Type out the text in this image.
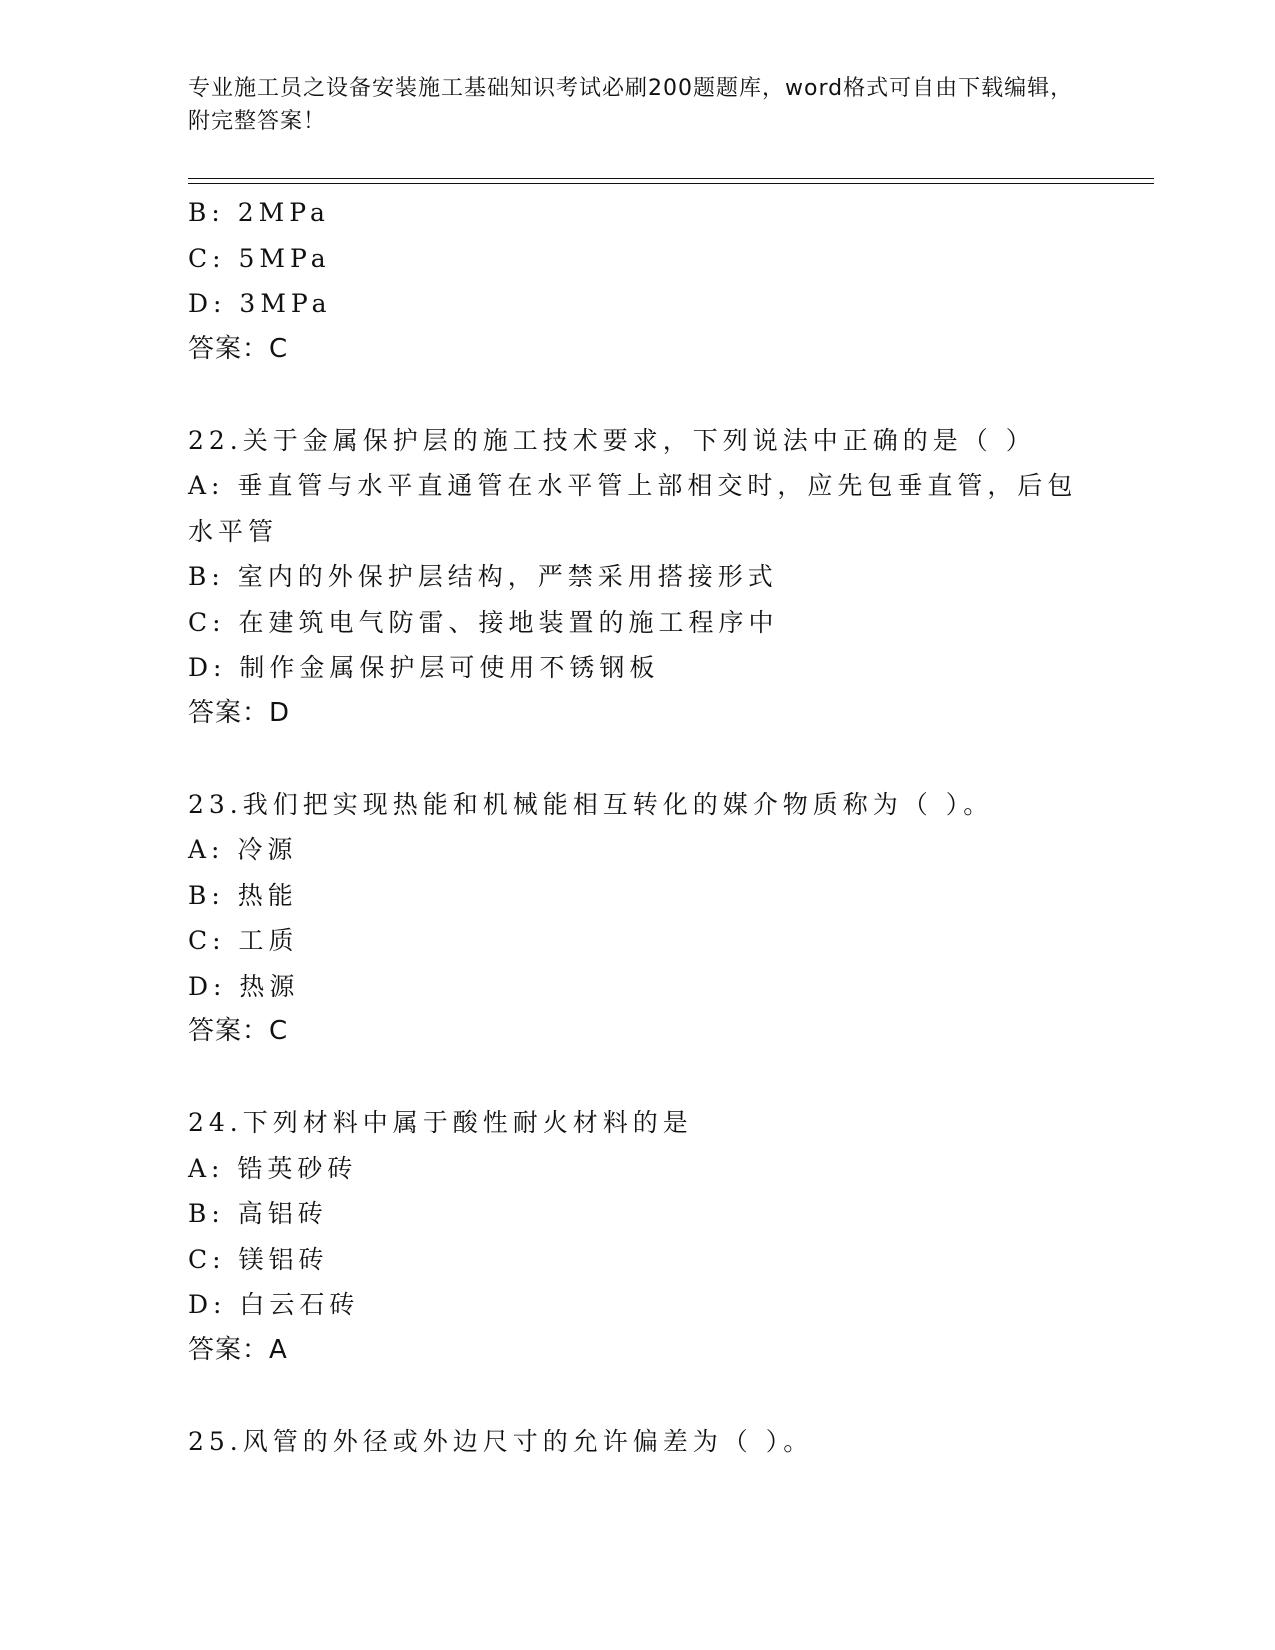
专业施工员之设备安装施工基础知识考试必刷200题题库，word格式可自由下载编辑，附完整答案！
B: 2MPa
C: 5MPa
D: 3MPa
答案：C
22.关于金属保护层的施工技术要求，下列说法中正确的是（ ）
A: 垂直管与水平直通管在水平管上部相交时，应先包垂直管，后包水平管
B: 室内的外保护层结构，严禁采用搭接形式
C: 在建筑电气防雷、接地装置的施工程序中
D: 制作金属保护层可使用不锈钢板
答案：D
23.我们把实现热能和机械能相互转化的媒介物质称为（ ）。
A: 冷源
B: 热能
C: 工质
D: 热源
答案：C
24.下列材料中属于酸性耐火材料的是
A: 锆英砂砖
B: 高铝砖
C: 镁铝砖
D: 白云石砖
答案：A
25.风管的外径或外边尺寸的允许偏差为（ ）。
